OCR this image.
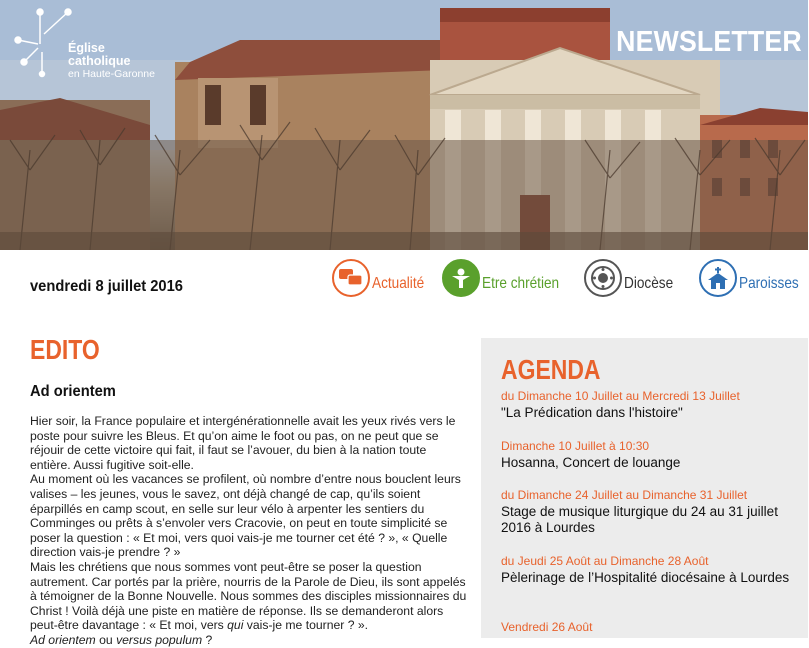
Église catholique
en Haute-Garonne
NEWSLETTER
vendredi 8 juillet 2016	Actualité	Etre chrétien	Diocèse	Paroisses
EDITO
Ad orientem

Hier soir, la France populaire et intergénérationnelle avait les yeux rivés vers le poste pour suivre les Bleus. Et qu’on aime le foot ou pas, on ne peut que se réjouir de cette victoire qui fait, il faut se l’avouer, du bien à la nation toute entière. Aussi fugitive soit-elle.

Au moment où les vacances se profilent, où nombre d’entre nous bouclent leurs valises – les jeunes, vous le savez, ont déjà changé de cap, qu’ils soient éparpillés en camp scout, en selle sur leur vélo à arpenter les sentiers du Comminges ou prêts à s’envoler vers Cracovie, on peut en toute simplicité se poser la question : « Et moi, vers quoi vais-je me tourner cet été ? », « Quelle direction vais-je prendre ? »

Mais les chrétiens que nous sommes vont peut-être se poser la question autrement. Car portés par la prière, nourris de la Parole de Dieu, ils sont appelés à témoigner de la Bonne Nouvelle. Nous sommes des disciples missionnaires du Christ ! Voilà déjà une piste en matière de réponse. Ils se demanderont alors peut-être davantage : « Et moi, vers qui vais-je me tourner ? ».

Ad orientem ou versus populum ?

AGENDA
du Dimanche 10 Juillet au Mercredi 13 Juillet
"La Prédication dans l'histoire"
Dimanche 10 Juillet à 10:30
Hosanna, Concert de louange
du Dimanche 24 Juillet au Dimanche 31 Juillet
Stage de musique liturgique du 24 au 31 juillet 2016 à Lourdes
du Jeudi 25 Août au Dimanche 28 Août
Pèlerinage de l’Hospitalité diocésaine à Lourdes
Vendredi 26 Août
